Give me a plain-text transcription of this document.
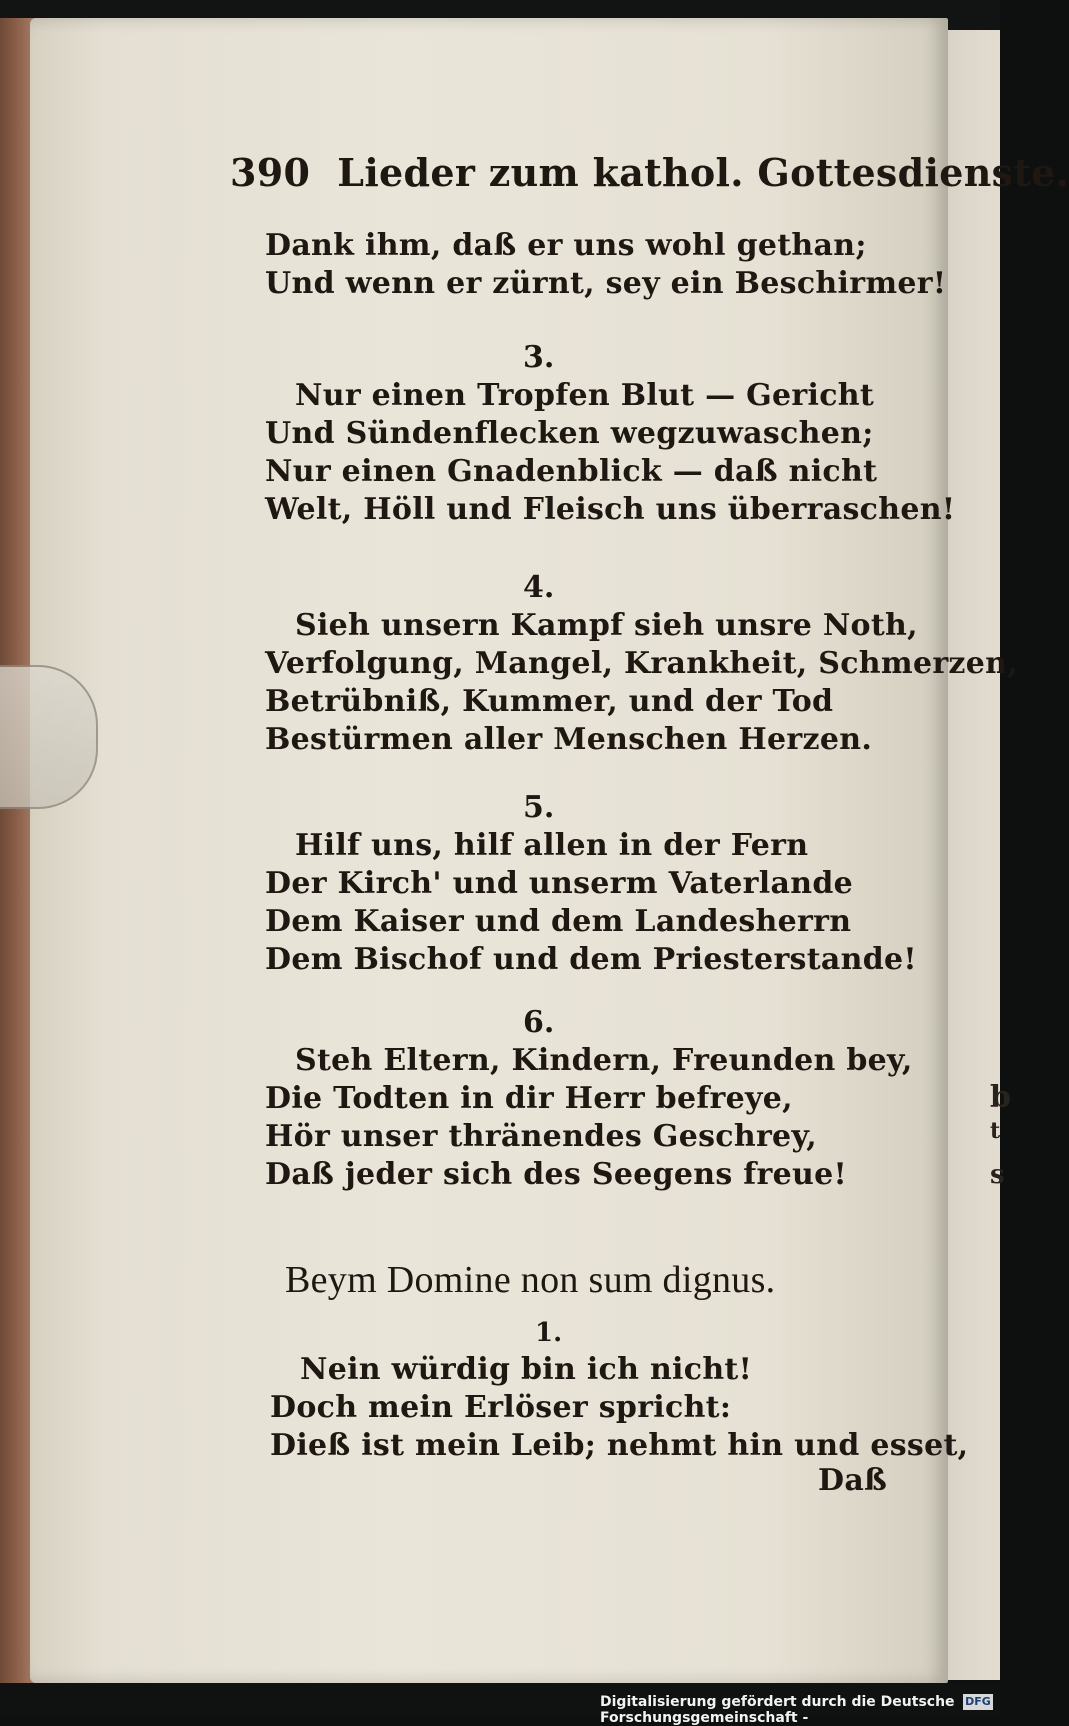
b
t
s
390 Lieder zum kathol. Gottesdienste.
Dank ihm, daß er uns wohl gethan;
Und wenn er zürnt, sey ein Beschirmer!
3.
Nur einen Tropfen Blut — Gericht
Und Sündenflecken wegzuwaschen;
Nur einen Gnadenblick — daß nicht
Welt, Höll und Fleisch uns überraschen!
4.
Sieh unsern Kampf sieh unsre Noth,
Verfolgung, Mangel, Krankheit, Schmerzen,
Betrübniß, Kummer, und der Tod
Bestürmen aller Menschen Herzen.
5.
Hilf uns, hilf allen in der Fern
Der Kirch' und unserm Vaterlande
Dem Kaiser und dem Landesherrn
Dem Bischof und dem Priesterstande!
6.
Steh Eltern, Kindern, Freunden bey,
Die Todten in dir Herr befreye,
Hör unser thränendes Geschrey,
Daß jeder sich des Seegens freue!
Beym Domine non sum dignus.
1.
Nein würdig bin ich nicht!
Doch mein Erlöser spricht:
Dieß ist mein Leib; nehmt hin und esset,
Daß
Digitalisierung gefördert durch die Deutsche Forschungsgemeinschaft -
DFG
